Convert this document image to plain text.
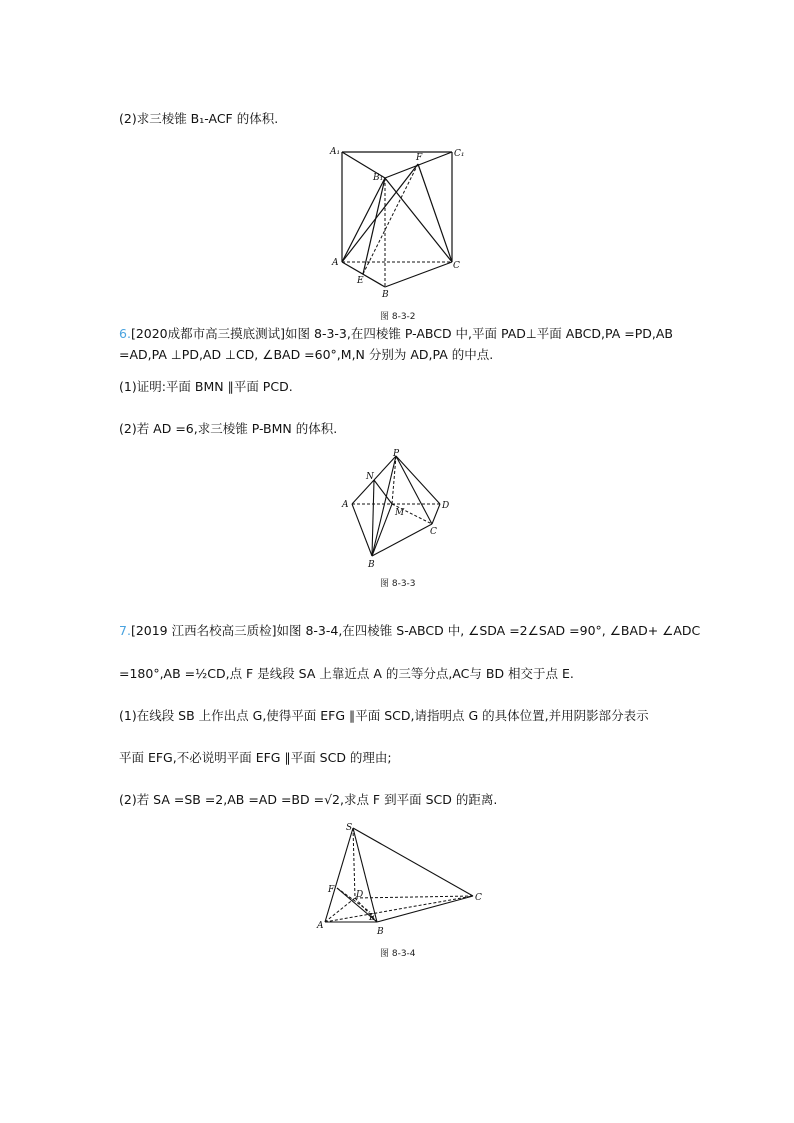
(2)求三棱锥 B₁-ACF 的体积.
A₁	C₁
F
B₁
A	C
E
B
图 8-3-2
6.[2020成都市高三摸底测试]如图 8-3-3,在四棱锥 P-ABCD 中,平面 PAD⊥平面 ABCD,PA =PD,AB
=AD,PA ⊥PD,AD ⊥CD, ∠BAD =60°,M,N 分别为 AD,PA 的中点.
(1)证明:平面 BMN ∥平面 PCD.
(2)若 AD =6,求三棱锥 P-BMN 的体积.
P
N
A
M
D
C
B
图 8-3-3
7.[2019 江西名校高三质检]如图 8-3-4,在四棱锥 S-ABCD 中, ∠SDA =2∠SAD =90°, ∠BAD+ ∠ADC
=180°,AB =½CD,点 F 是线段 SA 上靠近点 A 的三等分点,AC与 BD 相交于点 E.
(1)在线段 SB 上作出点 G,使得平面 EFG ∥平面 SCD,请指明点 G 的具体位置,并用阴影部分表示
平面 EFG,不必说明平面 EFG ∥平面 SCD 的理由;
(2)若 SA =SB =2,AB =AD =BD =√2,求点 F 到平面 SCD 的距离.
S
F D
E
A
B
C
图 8-3-4
